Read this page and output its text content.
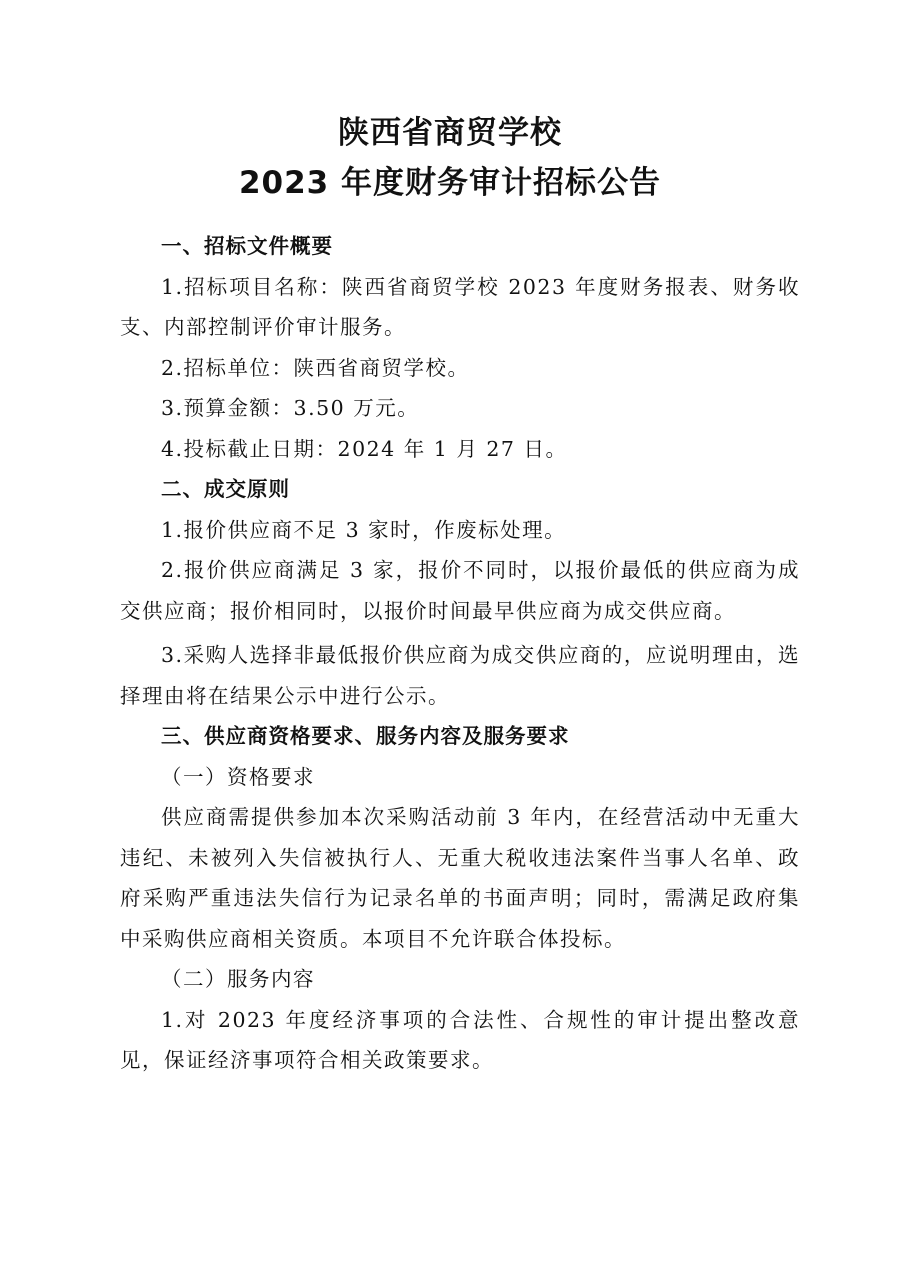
陕西省商贸学校

2023 年度财务审计招标公告

一、招标文件概要

1.招标项目名称：陕西省商贸学校 2023 年度财务报表、财务收支、内部控制评价审计服务。

2.招标单位：陕西省商贸学校。

3.预算金额：3.50 万元。

4.投标截止日期：2024 年 1 月 27 日。

二、成交原则

1.报价供应商不足 3 家时，作废标处理。

2.报价供应商满足 3 家，报价不同时，以报价最低的供应商为成交供应商；报价相同时，以报价时间最早供应商为成交供应商。

3.采购人选择非最低报价供应商为成交供应商的，应说明理由，选择理由将在结果公示中进行公示。

三、供应商资格要求、服务内容及服务要求

（一）资格要求

供应商需提供参加本次采购活动前 3 年内，在经营活动中无重大违纪、未被列入失信被执行人、无重大税收违法案件当事人名单、政府采购严重违法失信行为记录名单的书面声明；同时，需满足政府集中采购供应商相关资质。本项目不允许联合体投标。

（二）服务内容

1.对 2023 年度经济事项的合法性、合规性的审计提出整改意见，保证经济事项符合相关政策要求。
